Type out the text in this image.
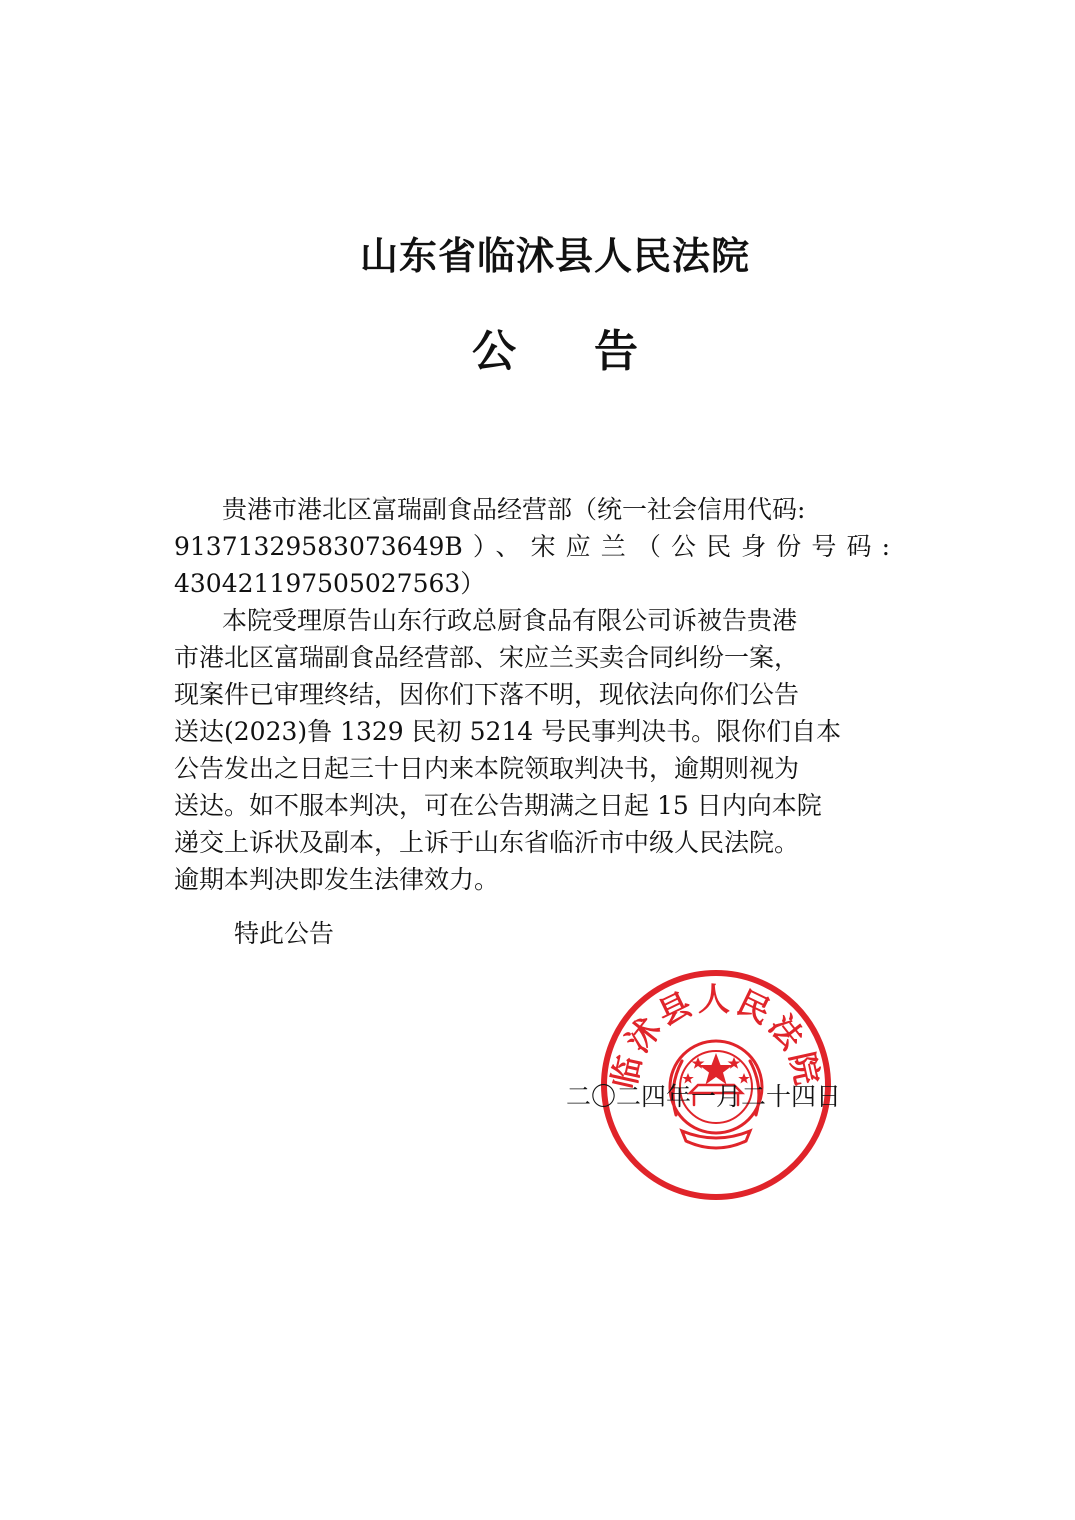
山东省临沭县人民法院
公 告
贵港市港北区富瑞副食品经营部（统一社会信用代码:
91371329583073649B）、宋应兰（公民身份号码:
430421197505027563）
本院受理原告山东行政总厨食品有限公司诉被告贵港
市港北区富瑞副食品经营部、宋应兰买卖合同纠纷一案，
现案件已审理终结，因你们下落不明，现依法向你们公告
送达(2023)鲁 1329 民初 5214 号民事判决书。限你们自本
公告发出之日起三十日内来本院领取判决书，逾期则视为
送达。如不服本判决，可在公告期满之日起 15 日内向本院
递交上诉状及副本，上诉于山东省临沂市中级人民法院。
逾期本判决即发生法律效力。
特此公告
临沭县人民法院
二〇二四年一月二十四日
